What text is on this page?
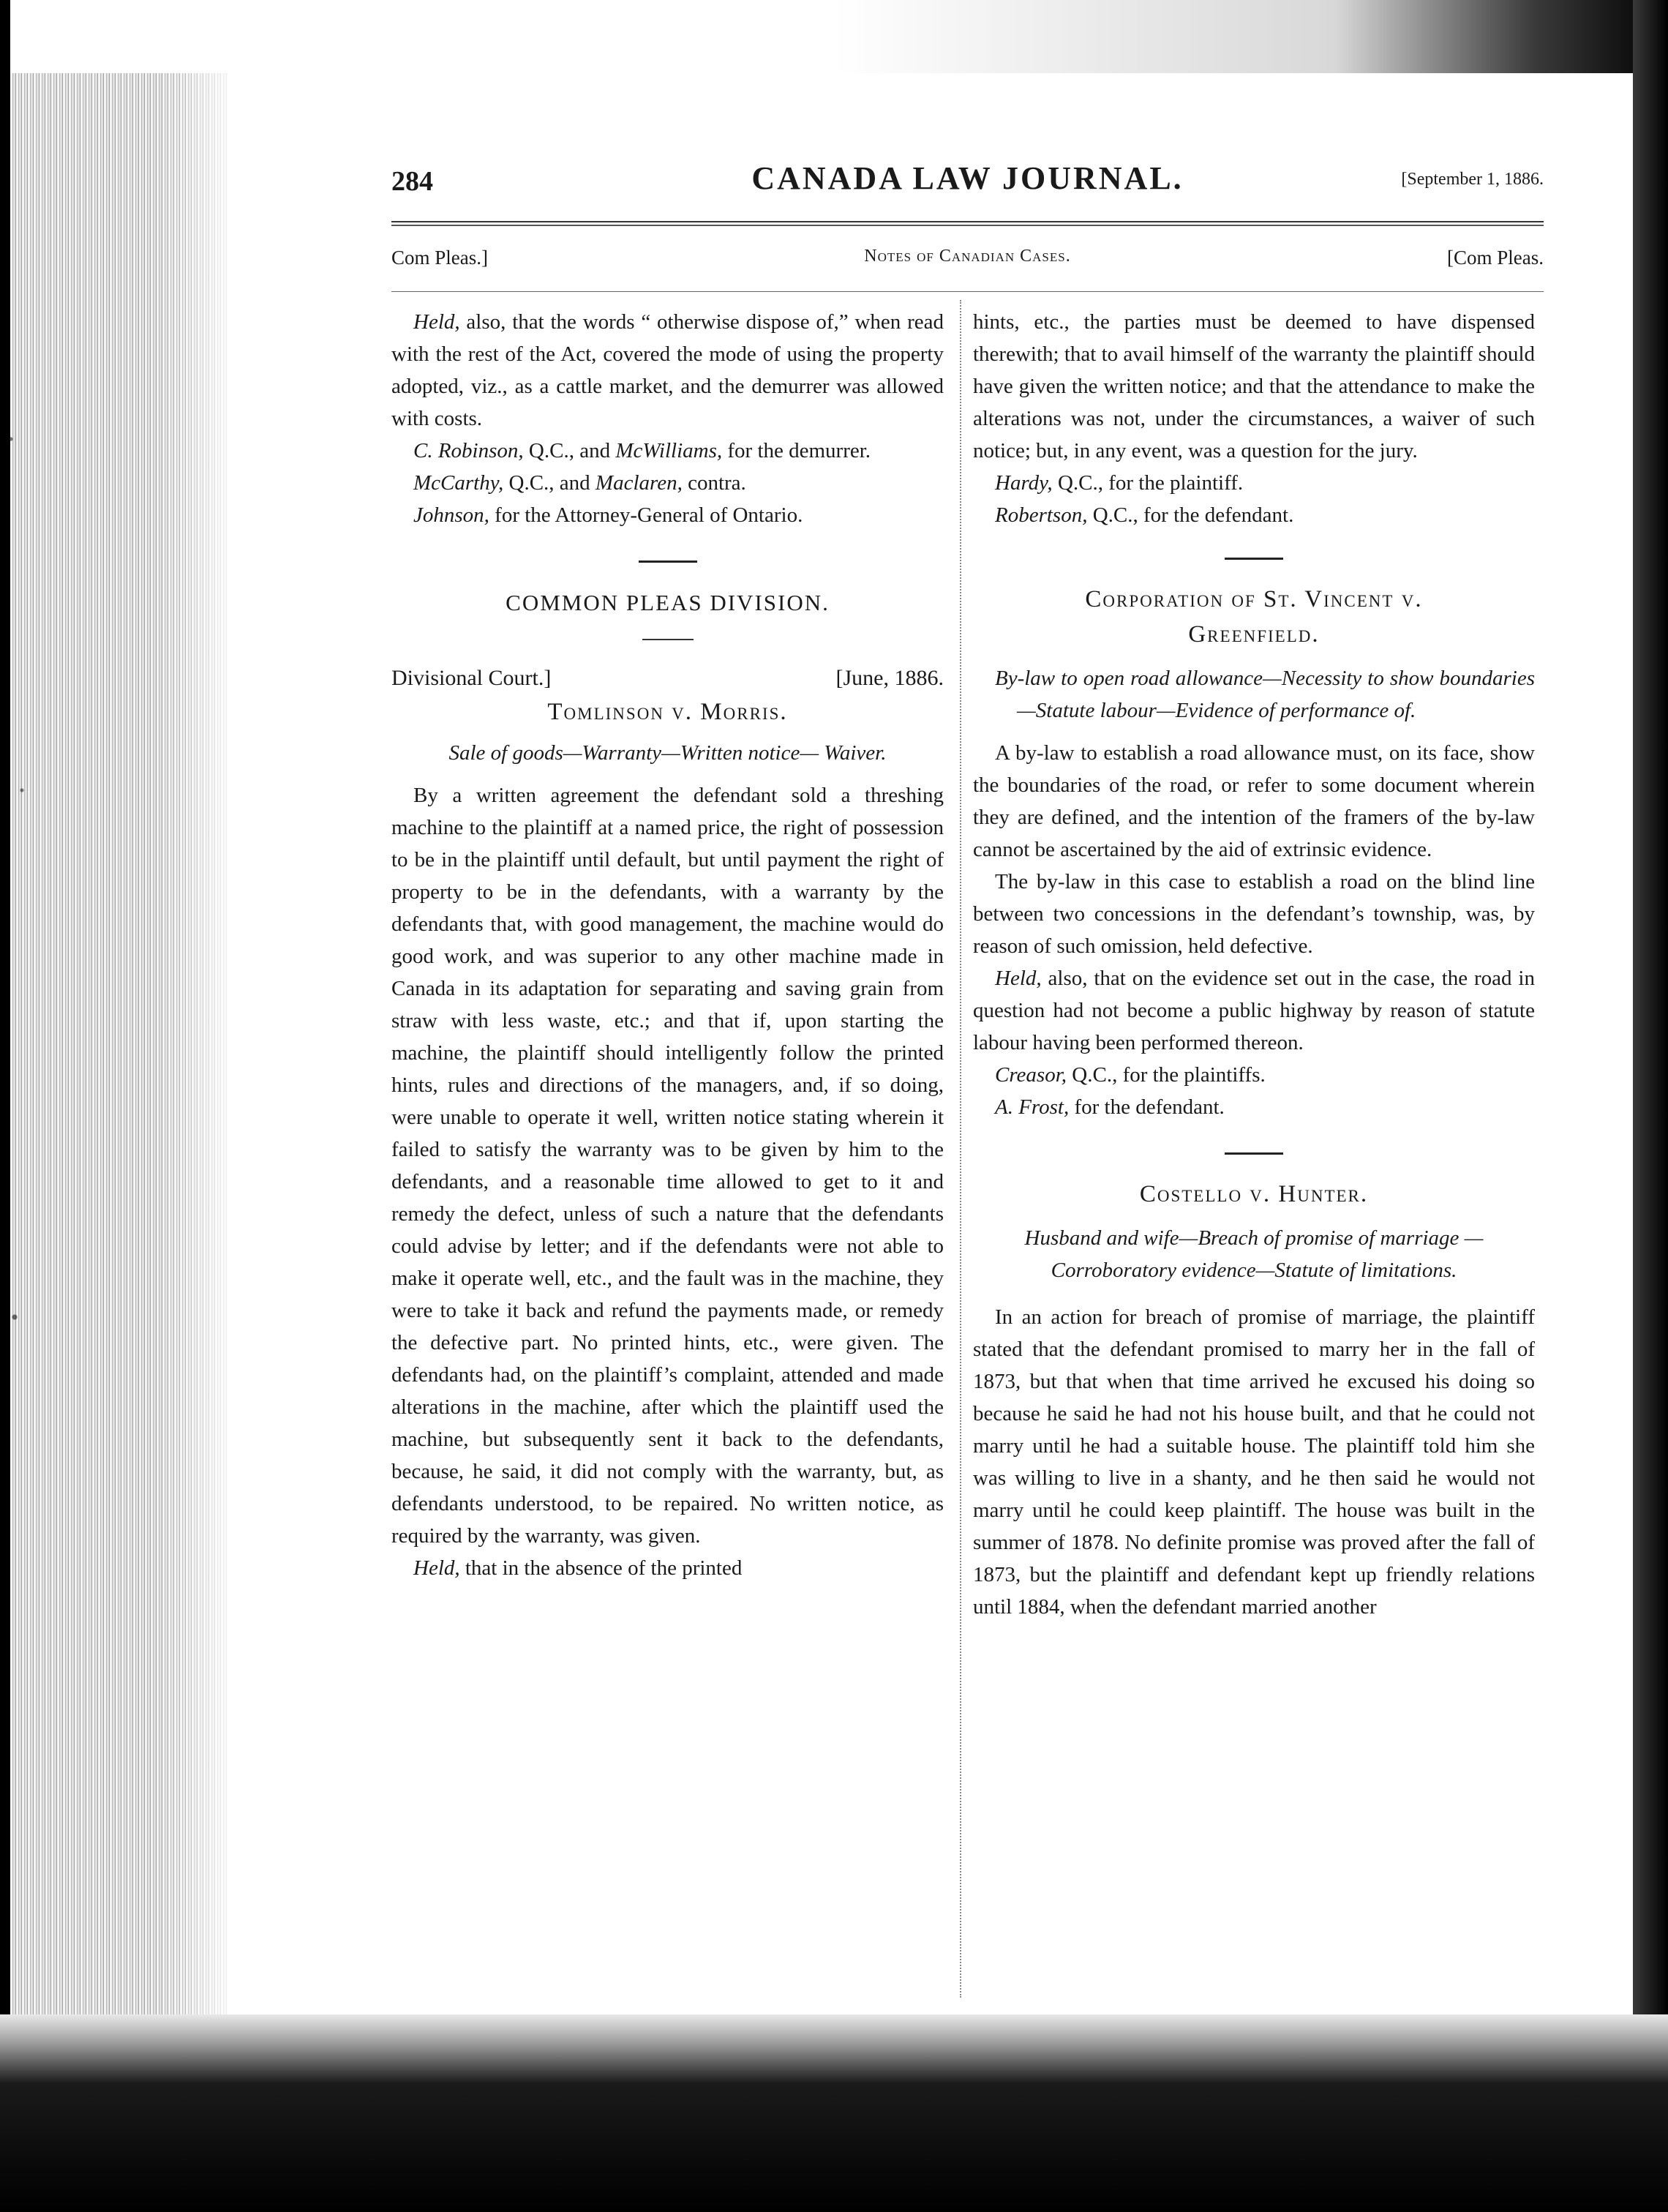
284	CANADA LAW JOURNAL.	[September 1, 1886.
Com Pleas.]	Notes of Canadian Cases.	[Com Pleas.

Held, also, that the words “ otherwise dispose of,” when read with the rest of the Act, covered the mode of using the property adopted, viz., as a cattle market, and the demurrer was allowed with costs.

C. Robinson, Q.C., and McWilliams, for the demurrer.

McCarthy, Q.C., and Maclaren, contra.

Johnson, for the Attorney-General of Ontario.

COMMON PLEAS DIVISION.

Divisional Court.]	[June, 1886.

Tomlinson v. Morris.

Sale of goods—Warranty—Written notice— Waiver.

By a written agreement the defendant sold a threshing machine to the plaintiff at a named price, the right of possession to be in the plaintiff until default, but until payment the right of property to be in the defendants, with a warranty by the defendants that, with good management, the machine would do good work, and was superior to any other machine made in Canada in its adaptation for separating and saving grain from straw with less waste, etc.; and that if, upon starting the machine, the plaintiff should intelligently follow the printed hints, rules and directions of the managers, and, if so doing, were unable to operate it well, written notice stating wherein it failed to satisfy the warranty was to be given by him to the defendants, and a reasonable time allowed to get to it and remedy the defect, unless of such a nature that the defendants could advise by letter; and if the defendants were not able to make it operate well, etc., and the fault was in the machine, they were to take it back and refund the payments made, or remedy the defective part. No printed hints, etc., were given. The defendants had, on the plaintiff’s complaint, attended and made alterations in the machine, after which the plaintiff used the machine, but subsequently sent it back to the defendants, because, he said, it did not comply with the warranty, but, as defendants understood, to be repaired. No written notice, as required by the warranty, was given.

Held, that in the absence of the printed

hints, etc., the parties must be deemed to have dispensed therewith; that to avail himself of the warranty the plaintiff should have given the written notice; and that the attendance to make the alterations was not, under the circumstances, a waiver of such notice; but, in any event, was a question for the jury.

Hardy, Q.C., for the plaintiff.

Robertson, Q.C., for the defendant.

Corporation of St. Vincent v.

Greenfield.

By-law to open road allowance—Necessity to show boundaries—Statute labour—Evidence of performance of.

A by-law to establish a road allowance must, on its face, show the boundaries of the road, or refer to some document wherein they are defined, and the intention of the framers of the by-law cannot be ascertained by the aid of extrinsic evidence.

The by-law in this case to establish a road on the blind line between two concessions in the defendant’s township, was, by reason of such omission, held defective.

Held, also, that on the evidence set out in the case, the road in question had not become a public highway by reason of statute labour having been performed thereon.

Creasor, Q.C., for the plaintiffs.

A. Frost, for the defendant.

Costello v. Hunter.

Husband and wife—Breach of promise of marriage —Corroboratory evidence—Statute of limitations.

In an action for breach of promise of marriage, the plaintiff stated that the defendant promised to marry her in the fall of 1873, but that when that time arrived he excused his doing so because he said he had not his house built, and that he could not marry until he had a suitable house. The plaintiff told him she was willing to live in a shanty, and he then said he would not marry until he could keep plaintiff. The house was built in the summer of 1878. No definite promise was proved after the fall of 1873, but the plaintiff and defendant kept up friendly relations until 1884, when the defendant married another
